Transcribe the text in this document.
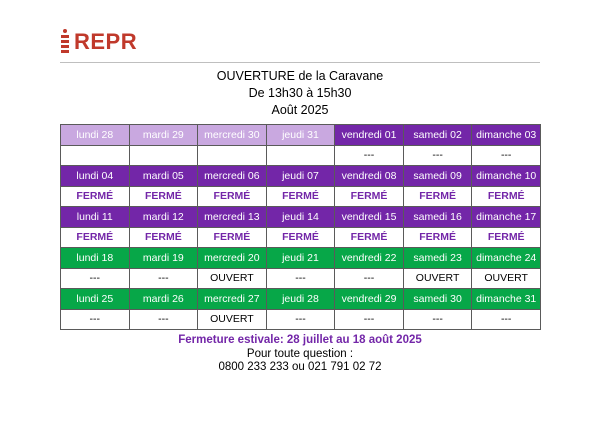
REPR
OUVERTURE de la Caravane
De 13h30 à 15h30
Août 2025
lundi 28	mardi 29	mercredi 30	jeudi 31	vendredi 01	samedi 02	dimanche 03
				---	---	---
lundi 04	mardi 05	mercredi 06	jeudi 07	vendredi 08	samedi 09	dimanche 10
FERMÉ	FERMÉ	FERMÉ	FERMÉ	FERMÉ	FERMÉ	FERMÉ
lundi 11	mardi 12	mercredi 13	jeudi 14	vendredi 15	samedi 16	dimanche 17
FERMÉ	FERMÉ	FERMÉ	FERMÉ	FERMÉ	FERMÉ	FERMÉ
lundi 18	mardi 19	mercredi 20	jeudi 21	vendredi 22	samedi 23	dimanche 24
---	---	OUVERT	---	---	OUVERT	OUVERT
lundi 25	mardi 26	mercredi 27	jeudi 28	vendredi 29	samedi 30	dimanche 31
---	---	OUVERT	---	---	---	---
Fermeture estivale: 28 juillet au 18 août 2025
Pour toute question :
0800 233 233 ou 021 791 02 72
